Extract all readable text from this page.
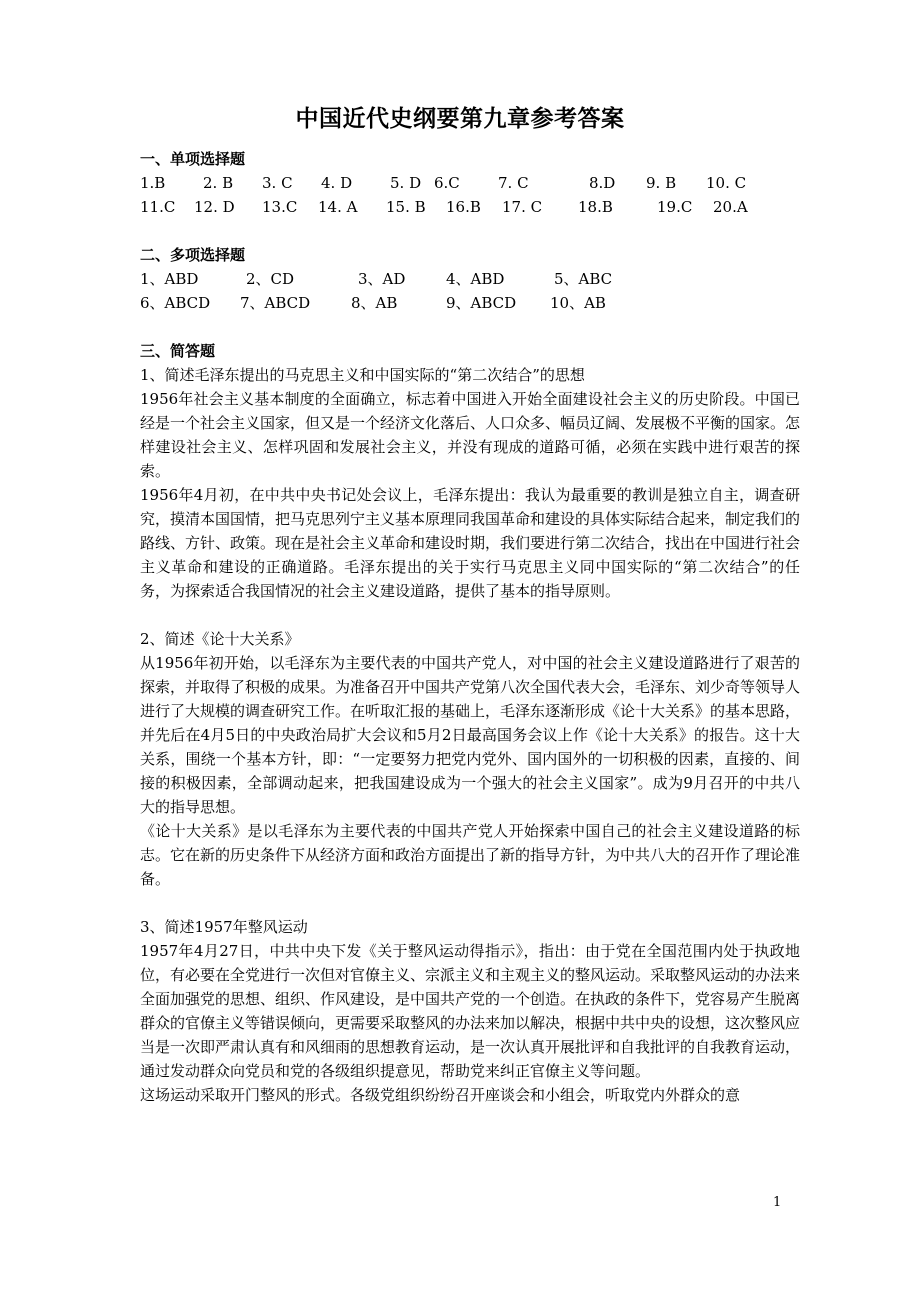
中国近代史纲要第九章参考答案
一、单项选择题
1.B	2. B 3. C 4. D	5. D 6.C	7. C	8.D 9. B 10. C
11.C 12. D 13.C 14. A 15. B 16.B 17. C 18.B	19.C 20.A
二、多项选择题
1、ABD	2、CD	3、AD	4、ABD	5、ABC
6、ABCD 7、ABCD	8、AB	9、ABCD 10、AB
三、简答题
1、简述毛泽东提出的马克思主义和中国实际的“第二次结合”的思想
1956年社会主义基本制度的全面确立，标志着中国进入开始全面建设社会主义的历史阶段。中国已经是一个社会主义国家，但又是一个经济文化落后、人口众多、幅员辽阔、发展极不平衡的国家。怎样建设社会主义、怎样巩固和发展社会主义，并没有现成的道路可循，必须在实践中进行艰苦的探索。
1956年4月初，在中共中央书记处会议上，毛泽东提出：我认为最重要的教训是独立自主，调查研究，摸清本国国情，把马克思列宁主义基本原理同我国革命和建设的具体实际结合起来，制定我们的路线、方针、政策。现在是社会主义革命和建设时期，我们要进行第二次结合，找出在中国进行社会主义革命和建设的正确道路。毛泽东提出的关于实行马克思主义同中国实际的“第二次结合”的任务，为探索适合我国情况的社会主义建设道路，提供了基本的指导原则。
2、简述《论十大关系》
从1956年初开始，以毛泽东为主要代表的中国共产党人，对中国的社会主义建设道路进行了艰苦的探索，并取得了积极的成果。为准备召开中国共产党第八次全国代表大会，毛泽东、刘少奇等领导人进行了大规模的调查研究工作。在听取汇报的基础上，毛泽东逐渐形成《论十大关系》的基本思路，并先后在4月5日的中央政治局扩大会议和5月2日最高国务会议上作《论十大关系》的报告。这十大关系，围绕一个基本方针，即：“一定要努力把党内党外、国内国外的一切积极的因素，直接的、间接的积极因素，全部调动起来，把我国建设成为一个强大的社会主义国家”。成为9月召开的中共八大的指导思想。
《论十大关系》是以毛泽东为主要代表的中国共产党人开始探索中国自己的社会主义建设道路的标志。它在新的历史条件下从经济方面和政治方面提出了新的指导方针，为中共八大的召开作了理论准备。
3、简述1957年整风运动
1957年4月27日，中共中央下发《关于整风运动得指示》，指出：由于党在全国范围内处于执政地位，有必要在全党进行一次但对官僚主义、宗派主义和主观主义的整风运动。采取整风运动的办法来全面加强党的思想、组织、作风建设，是中国共产党的一个创造。在执政的条件下，党容易产生脱离群众的官僚主义等错误倾向，更需要采取整风的办法来加以解决，根据中共中央的设想，这次整风应当是一次即严肃认真有和风细雨的思想教育运动，是一次认真开展批评和自我批评的自我教育运动，通过发动群众向党员和党的各级组织提意见，帮助党来纠正官僚主义等问题。
这场运动采取开门整风的形式。各级党组织纷纷召开座谈会和小组会，听取党内外群众的意
1
